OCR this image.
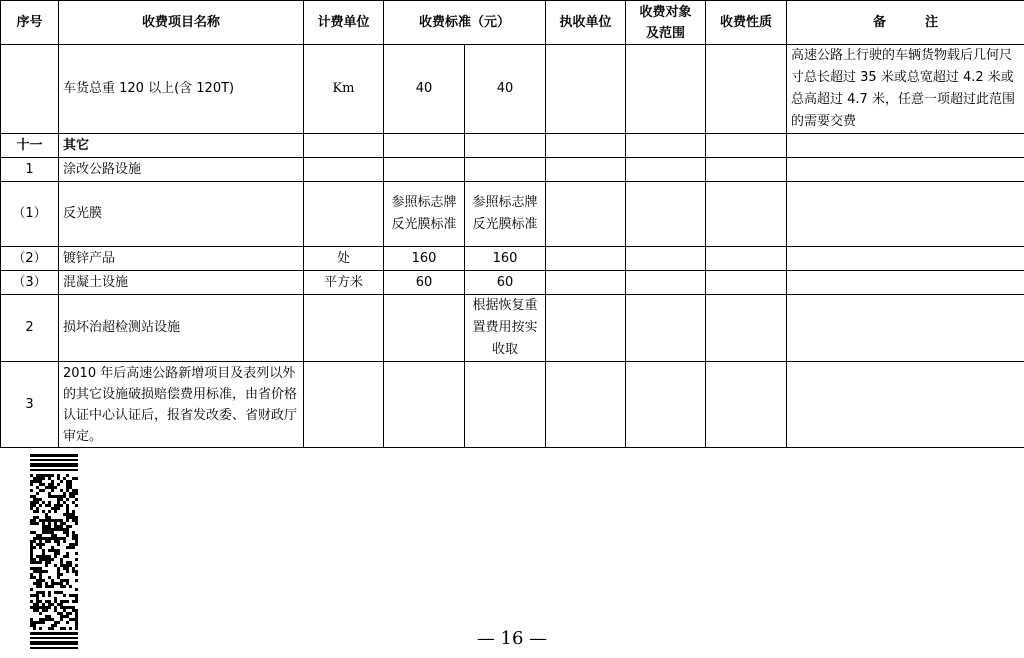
序号	收费项目名称	计费单位	收费标准（元）		执收单位	收费对象及范围	收费性质	备　　　注
	车货总重 120 以上(含 120T)	Km	40	40				高速公路上行驶的车辆货物载后几何尺寸总长超过 35 米或总宽超过 4.2 米或总高超过 4.7 米，任意一项超过此范围的需要交费
十一	其它							
1	涂改公路设施							
（1）	反光膜		参照标志牌反光膜标准	参照标志牌反光膜标准				
（2）	镀锌产品	处	160	160				
（3）	混凝土设施	平方米	60	60				
2	损坏治超检测站设施			根据恢复重置费用按实收取				
3	2010 年后高速公路新增项目及表列以外的其它设施破损赔偿费用标准，由省价格认证中心认证后，报省发改委、省财政厅审定。							
— 16 —
